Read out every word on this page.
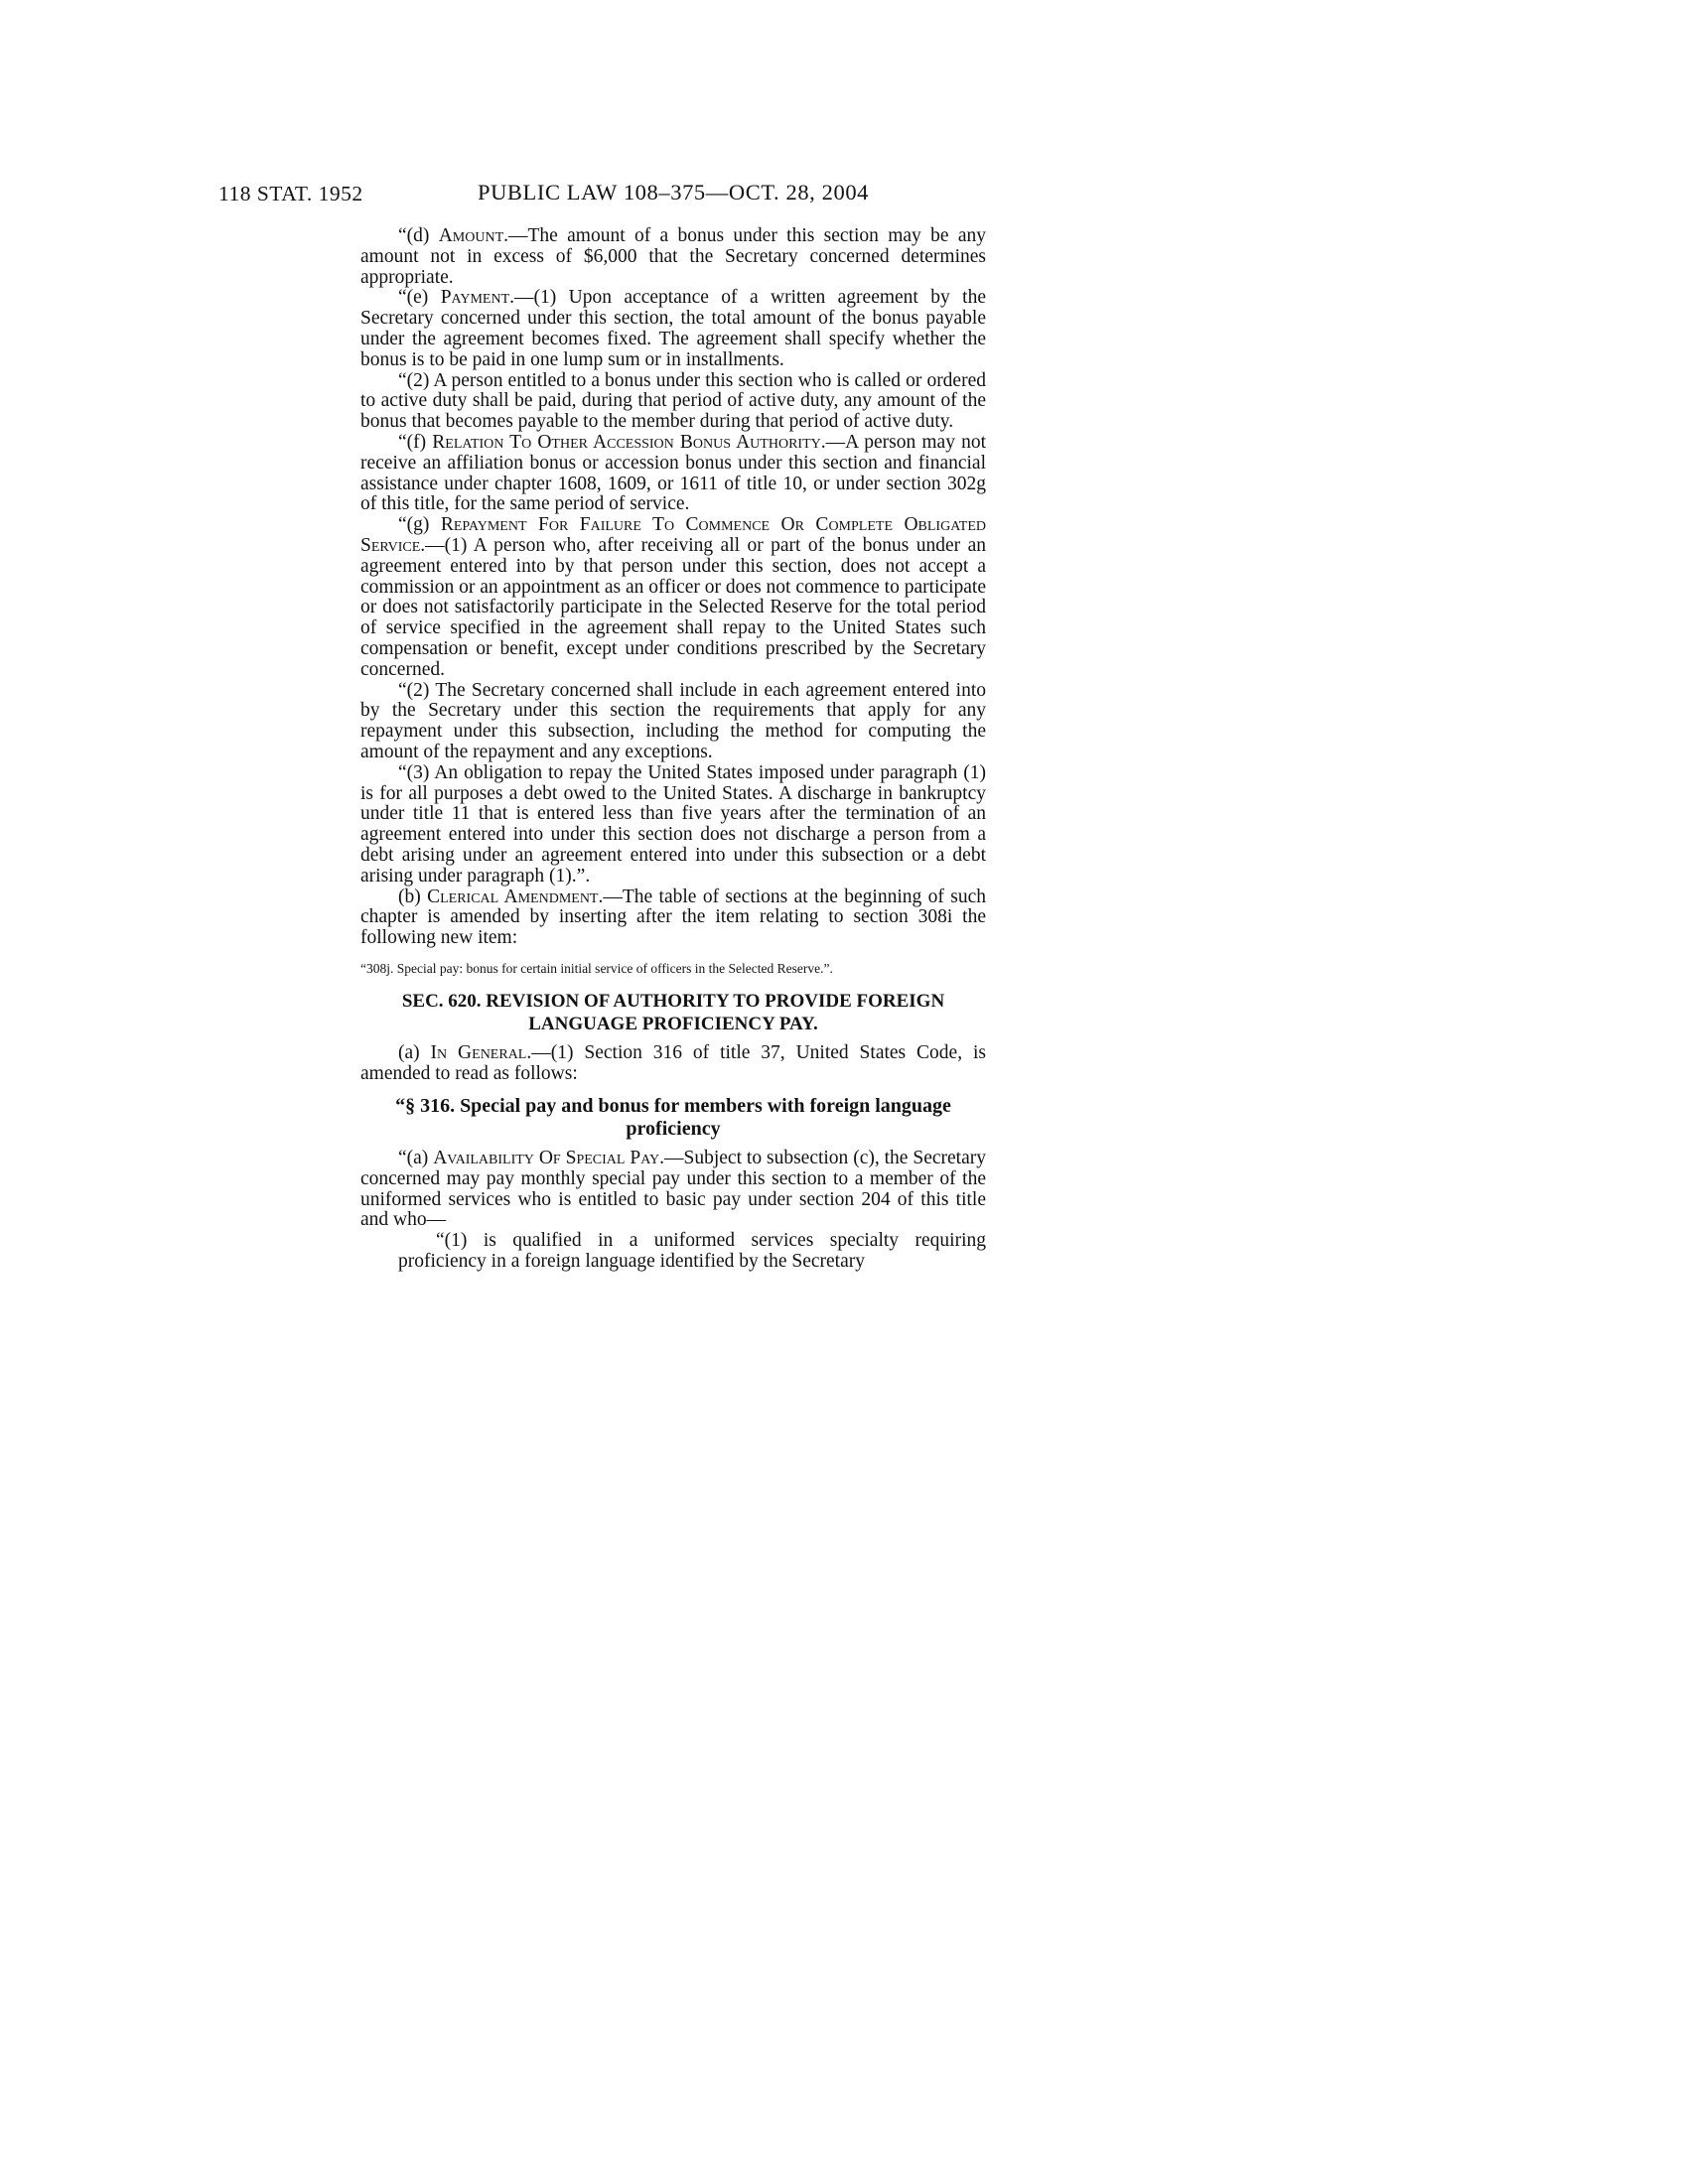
118 STAT. 1952	PUBLIC LAW 108–375—OCT. 28, 2004

“(d) Amount.—The amount of a bonus under this section may be any amount not in excess of $6,000 that the Secretary concerned determines appropriate.

“(e) Payment.—(1) Upon acceptance of a written agreement by the Secretary concerned under this section, the total amount of the bonus payable under the agreement becomes fixed. The agreement shall specify whether the bonus is to be paid in one lump sum or in installments.

“(2) A person entitled to a bonus under this section who is called or ordered to active duty shall be paid, during that period of active duty, any amount of the bonus that becomes payable to the member during that period of active duty.

“(f) Relation To Other Accession Bonus Authority.—A person may not receive an affiliation bonus or accession bonus under this section and financial assistance under chapter 1608, 1609, or 1611 of title 10, or under section 302g of this title, for the same period of service.

“(g) Repayment For Failure To Commence Or Complete Obligated Service.—(1) A person who, after receiving all or part of the bonus under an agreement entered into by that person under this section, does not accept a commission or an appointment as an officer or does not commence to participate or does not satisfactorily participate in the Selected Reserve for the total period of service specified in the agreement shall repay to the United States such compensation or benefit, except under conditions prescribed by the Secretary concerned.

“(2) The Secretary concerned shall include in each agreement entered into by the Secretary under this section the requirements that apply for any repayment under this subsection, including the method for computing the amount of the repayment and any exceptions.

“(3) An obligation to repay the United States imposed under paragraph (1) is for all purposes a debt owed to the United States. A discharge in bankruptcy under title 11 that is entered less than five years after the termination of an agreement entered into under this section does not discharge a person from a debt arising under an agreement entered into under this subsection or a debt arising under paragraph (1).”.

(b) Clerical Amendment.—The table of sections at the beginning of such chapter is amended by inserting after the item relating to section 308i the following new item:

“308j. Special pay: bonus for certain initial service of officers in the Selected Reserve.”.

SEC. 620. REVISION OF AUTHORITY TO PROVIDE FOREIGN LANGUAGE PROFICIENCY PAY.

(a) In General.—(1) Section 316 of title 37, United States Code, is amended to read as follows:

“§ 316. Special pay and bonus for members with foreign language proficiency

“(a) Availability Of Special Pay.—Subject to subsection (c), the Secretary concerned may pay monthly special pay under this section to a member of the uniformed services who is entitled to basic pay under section 204 of this title and who—

“(1) is qualified in a uniformed services specialty requiring proficiency in a foreign language identified by the Secretary
